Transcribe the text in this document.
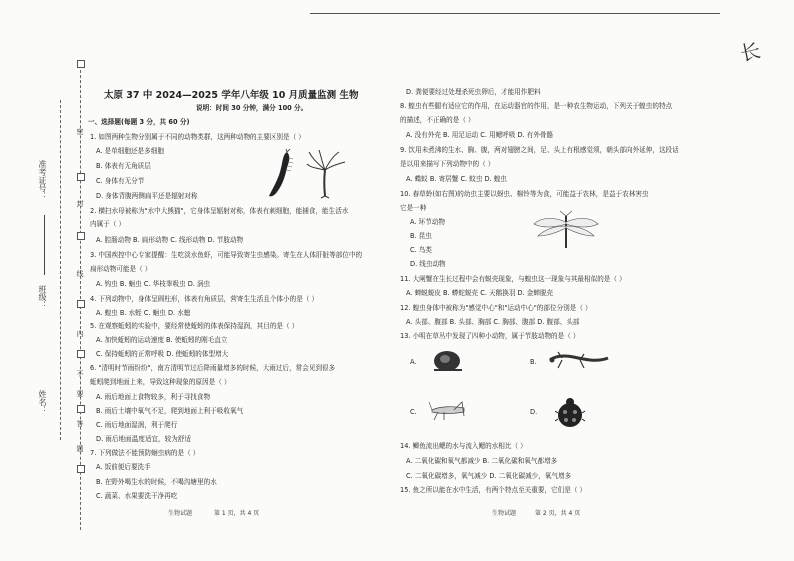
长
准考证号：
班级：
姓名：
密
封
线
内
不
要
答
题
太原 37 中 2024—2025 学年八年级 10 月质量监测 生物
说明：时间 30 分钟，满分 100 分。
一、选择题(每题 3 分，共 60 分)
1. 如图两种生物分别属于不同的动物类群，这两种动物的主要区别是（ ）
A. 是单细胞还是多细胞
B. 体表有无角质层
C. 身体有无分节
D. 身体背腹两侧扁平还是辐射对称
2. 横扫水母被称为"水中大熊猫"，它身体呈辐射对称，体表有刺细胞，能捕食，能生活水
内属于（ ）
A. 腔肠动物 B. 扁形动物 C. 线形动物 D. 节肢动物
3. 中国疾控中心专家提醒：生吃淡水鱼虾，可能导致寄生虫感染。寄生在人体肝脏等部位中的
扁形动物可能是（ ）
A. 钩虫 B. 蛔虫 C. 华枝睾吸虫 D. 涡虫
4. 下列动物中，身体呈圆柱形，体表有角质层，营寄生生活且个体小的是（ ）
A. 蝗虫 B. 水蛭 C. 蛔虫 D. 水螅
5. 在观察蚯蚓的实验中，要经常使蚯蚓的体表保持湿润，其目的是（ ）
A. 加快蚯蚓的运动速度 B. 使蚯蚓的刚毛直立
C. 保持蚯蚓的正常呼吸 D. 使蚯蚓的体型增大
6. "清明时节雨纷纷"，南方清明节过后降雨量增多的时候，大雨过后，常会见到很多
蚯蚓爬到地面上来，导致这种现象的原因是（ ）
A. 雨后地面上食物较多，利于寻找食物
B. 雨后土壤中氧气不足，爬到地面上利于吸收氧气
C. 雨后地面湿润，利于爬行
D. 雨后地面温度适宜，较为舒适
7. 下列做法不能预防蛔虫病的是（ ）
A. 饭前便后要洗手
B. 在野外喝生水的时候，不喝沟塘里的水
C. 蔬菜、水果要洗干净再吃
生物试题	第 1 页，共 4 页
D. 粪便要经过处理杀死虫卵后，才能用作肥料
8. 蝗虫有些腿有适应它的作用，在运动器官的作用，是一种农生物运动，下列关于蝗虫的特点
的描述，不正确的是（ ）
A. 没有外壳 B. 用足运动 C. 用鳃呼吸 D. 有外骨骼
9. 饮用未煮沸的生水、胸、腹，两对翅膀之间，足、头上有根感觉须，朝头部向外延伸，这段话
是以用来描写下列动物中的（ ）
A. 蝶蚁 B. 寄居蟹 C. 蚊虫 D. 蝗虫
10. 春草蛉(如右图)的幼虫主要以蚜虫、棉铃等为食，可能益于农林，是益于农林害虫
它是一种
A. 环节动物
B. 昆虫
C. 鸟类
D. 线虫动物
11. 大闸蟹在生长过程中会有蜕壳现象，与蝗虫这一现象与其最相似的是（ ）
A. 蝉蜕蜕皮 B. 蟒蛇蜕壳 C. 天鹅换羽 D. 金蝉脱壳
12. 蝗虫身体中被称为"感觉中心"和"运动中心"的部位分别是（ ）
A. 头部、腹部 B. 头部、胸部 C. 胸部、腹部 D. 腹部、头部
13. 小明在草丛中发现了四种小动物，属于节肢动物的是（ ）
A.	B.
C.	D.
14. 鲫鱼流出鳃的水与流入鳃的水相比（ ）
A. 二氧化碳和氧气都减少 B. 二氧化碳和氧气都增多
C. 二氧化碳增多，氧气减少 D. 二氧化碳减少，氧气增多
15. 鱼之所以能在水中生活，有两个特点至关重要，它们是（ ）
生物试题	第 2 页，共 4 页
